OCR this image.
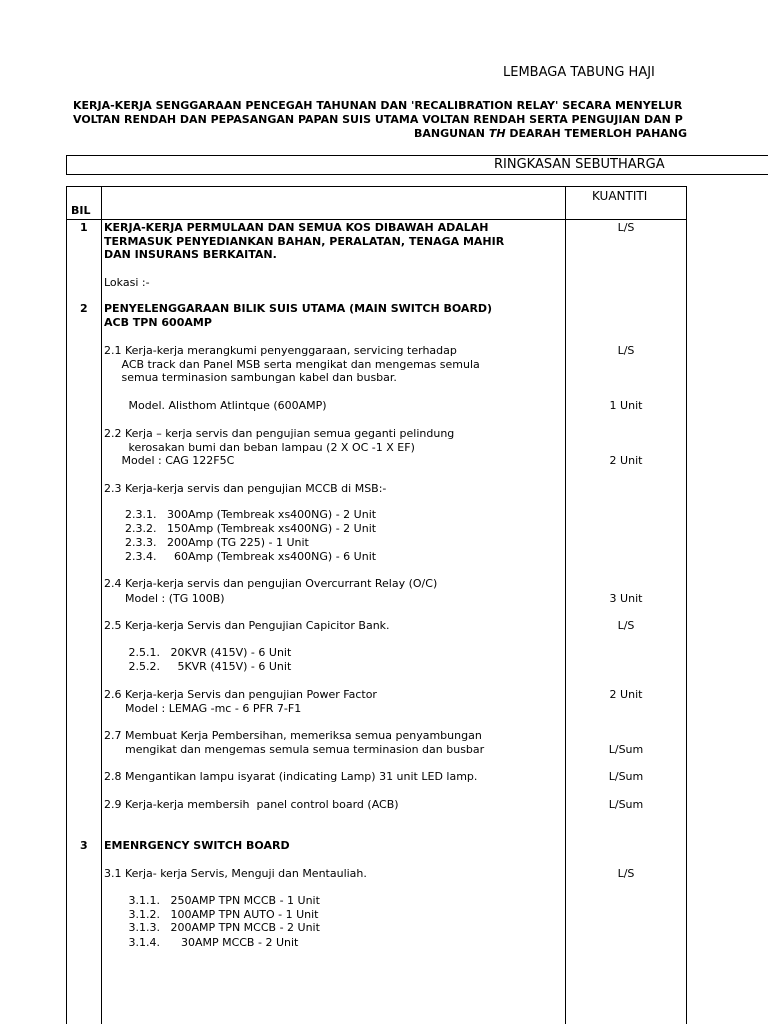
LEMBAGA TABUNG HAJI
KERJA-KERJA SENGGARAAN PENCEGAH TAHUNAN DAN 'RECALIBRATION RELAY' SECARA MENYELUR
VOLTAN RENDAH DAN PEPASANGAN PAPAN SUIS UTAMA VOLTAN RENDAH SERTA PENGUJIAN DAN P
BANGUNAN TH DEARAH TEMERLOH PAHANG
RINGKASAN SEBUTHARGA
BIL
KUANTITI
1 KERJA-KERJA PERMULAAN DAN SEMUA KOS DIBAWAH ADALAH	L/S
TERMASUK PENYEDIANKAN BAHAN, PERALATAN, TENAGA MAHIR
DAN INSURANS BERKAITAN.
Lokasi :-
2 PENYELENGGARAAN BILIK SUIS UTAMA (MAIN SWITCH BOARD)
ACB TPN 600AMP
2.1 Kerja-kerja merangkumi penyenggaraan, servicing terhadap	L/S
ACB track dan Panel MSB serta mengikat dan mengemas semula
semua terminasion sambungan kabel dan busbar.
Model. Alisthom Atlintque (600AMP)	1 Unit
2.2 Kerja – kerja servis dan pengujian semua geganti pelindung
kerosakan bumi dan beban lampau (2 X OC -1 X EF)
Model : CAG 122F5C	2 Unit
2.3 Kerja-kerja servis dan pengujian MCCB di MSB:-
2.3.1.   300Amp (Tembreak xs400NG) - 2 Unit
2.3.2.   150Amp (Tembreak xs400NG) - 2 Unit
2.3.3.   200Amp (TG 225) - 1 Unit
2.3.4.     60Amp (Tembreak xs400NG) - 6 Unit
2.4 Kerja-kerja servis dan pengujian Overcurrant Relay (O/C)
Model : (TG 100B)	3 Unit
2.5 Kerja-kerja Servis dan Pengujian Capicitor Bank.	L/S
2.5.1.   20KVR (415V) - 6 Unit
2.5.2.     5KVR (415V) - 6 Unit
2.6 Kerja-kerja Servis dan pengujian Power Factor	2 Unit
Model : LEMAG -mc - 6 PFR 7-F1
2.7 Membuat Kerja Pembersihan, memeriksa semua penyambungan
mengikat dan mengemas semula semua terminasion dan busbar	L/Sum
2.8 Mengantikan lampu isyarat (indicating Lamp) 31 unit LED lamp.	L/Sum
2.9 Kerja-kerja membersih  panel control board (ACB)	L/Sum
3 EMENRGENCY SWITCH BOARD
3.1 Kerja- kerja Servis, Menguji dan Mentauliah.	L/S
3.1.1.   250AMP TPN MCCB - 1 Unit
3.1.2.   100AMP TPN AUTO - 1 Unit
3.1.3.   200AMP TPN MCCB - 2 Unit
3.1.4.      30AMP MCCB - 2 Unit
